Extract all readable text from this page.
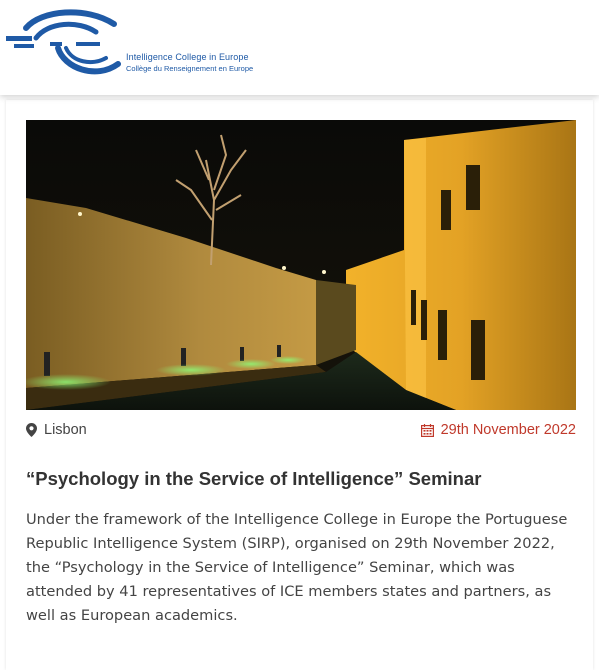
Intelligence College in Europe
Collège du Renseignement en Europe
Lisbon	29th November 2022
“Psychology in the Service of Intelligence” Seminar

Under the framework of the Intelligence College in Europe the Portuguese Republic Intelligence System (SIRP), organised on 29th November 2022, the “Psychology in the Service of Intelligence” Seminar, which was attended by 41 representatives of ICE members states and partners, as well as European academics.
